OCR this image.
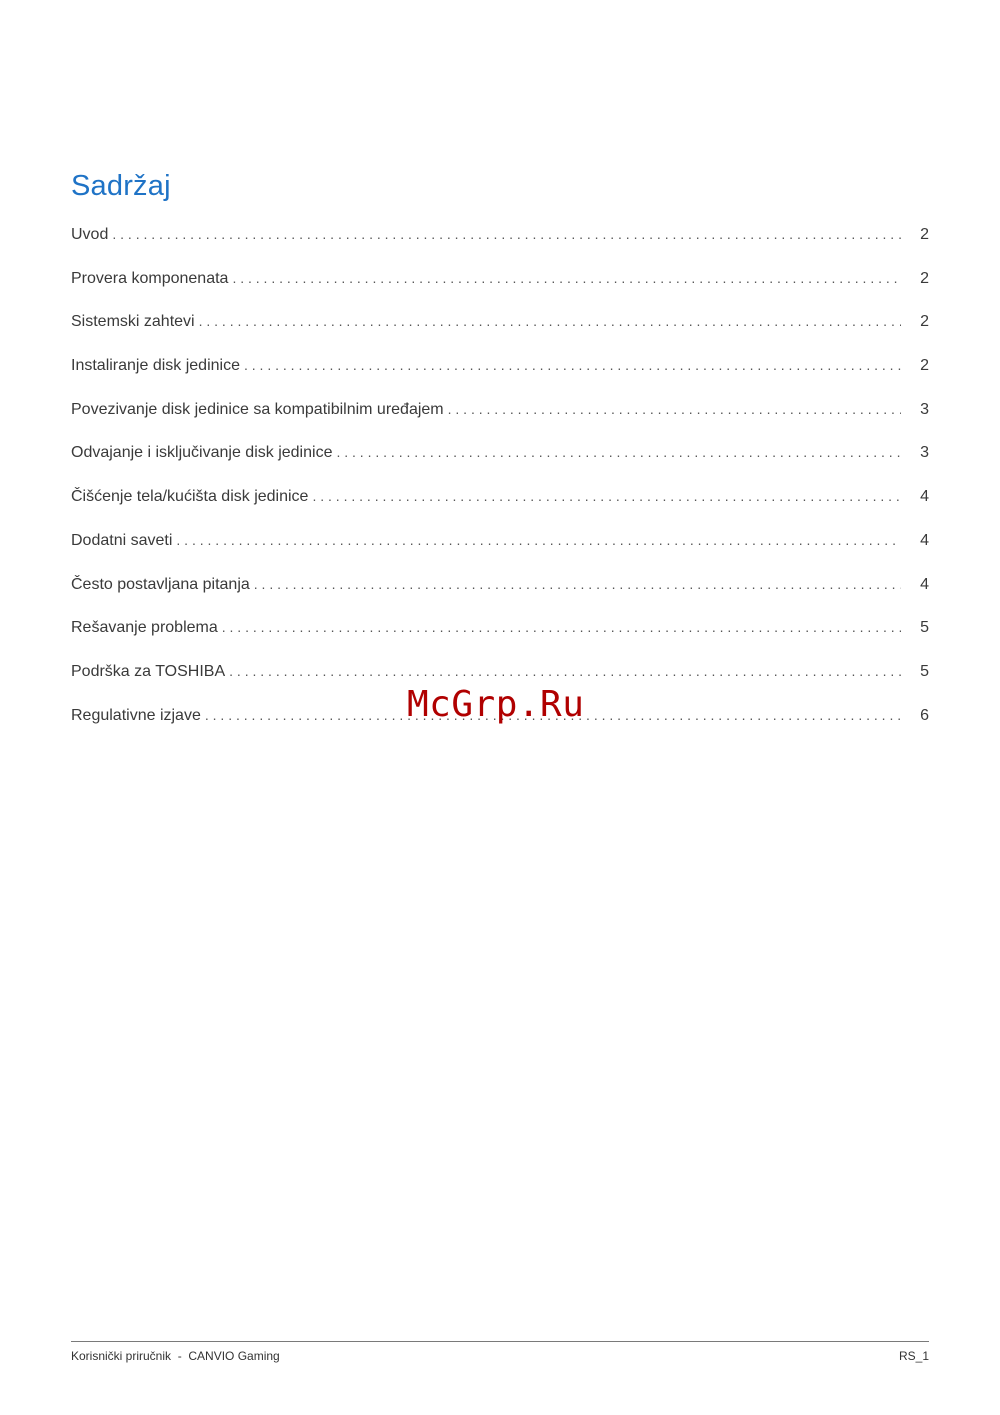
Sadržaj
Uvod . . .	2
Provera komponenata . . .	2
Sistemski zahtevi . . .	2
Instaliranje disk jedinice . . .	2
Povezivanje disk jedinice sa kompatibilnim uređajem . . .	3
Odvajanje i isključivanje disk jedinice . . .	3
Čišćenje tela/kućišta disk jedinice . . .	4
Dodatni saveti . . .	4
Često postavljana pitanja . . .	4
Rešavanje problema . . .	5
Podrška za TOSHIBA . . .	5
Regulativne izjave . . .	6
McGrp.Ru
Korisnički priručnik  -  CANVIO Gaming	RS_1
